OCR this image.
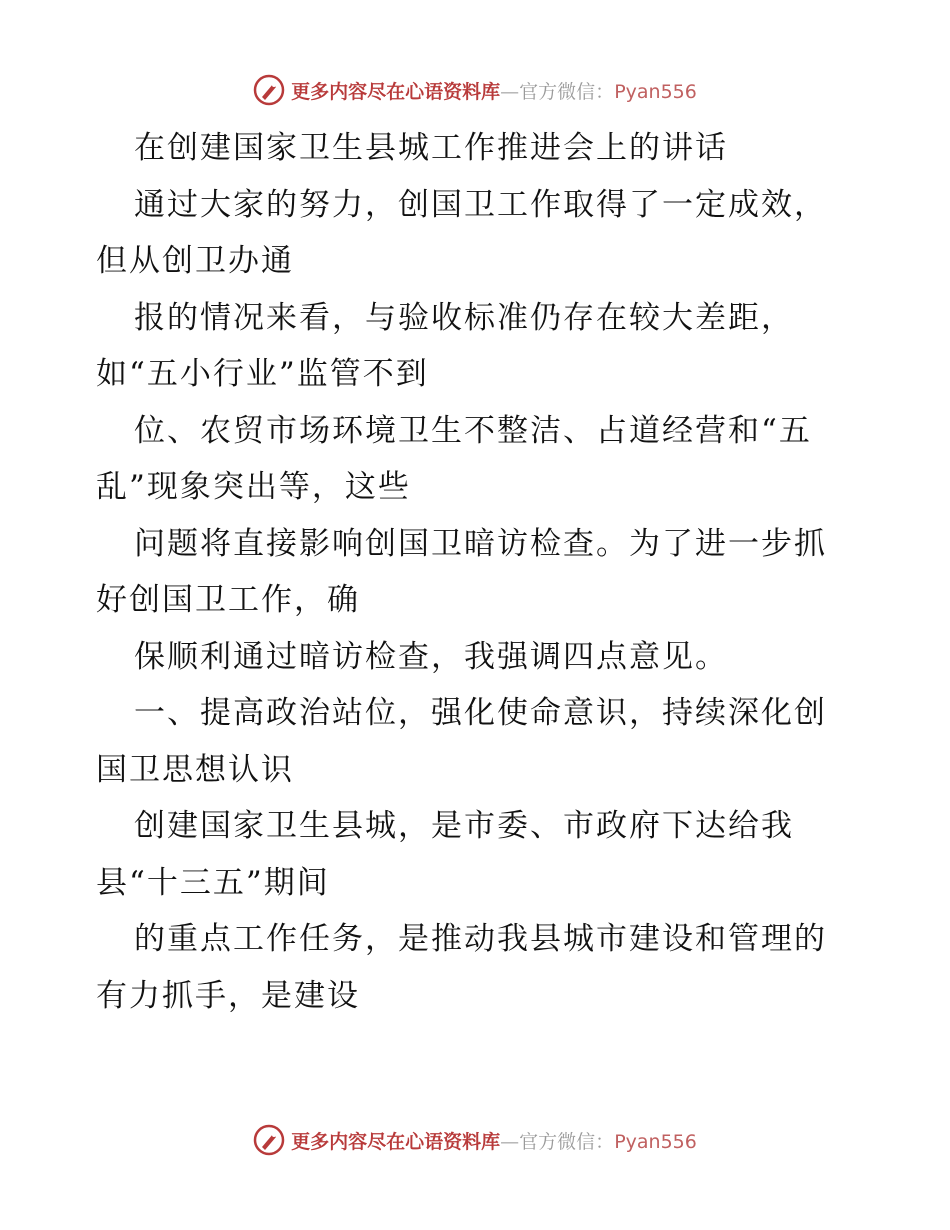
更多内容尽在心语资料库—官方微信：Pyan556
在创建国家卫生县城工作推进会上的讲话
通过大家的努力，创国卫工作取得了一定成效，
但从创卫办通
报的情况来看，与验收标准仍存在较大差距，
如“五小行业”监管不到
位、农贸市场环境卫生不整洁、占道经营和“五
乱”现象突出等，这些
问题将直接影响创国卫暗访检查。为了进一步抓
好创国卫工作，确
保顺利通过暗访检查，我强调四点意见。
一、提高政治站位，强化使命意识，持续深化创
国卫思想认识
创建国家卫生县城，是市委、市政府下达给我
县“十三五”期间
的重点工作任务，是推动我县城市建设和管理的
有力抓手，是建设
更多内容尽在心语资料库—官方微信：Pyan556
